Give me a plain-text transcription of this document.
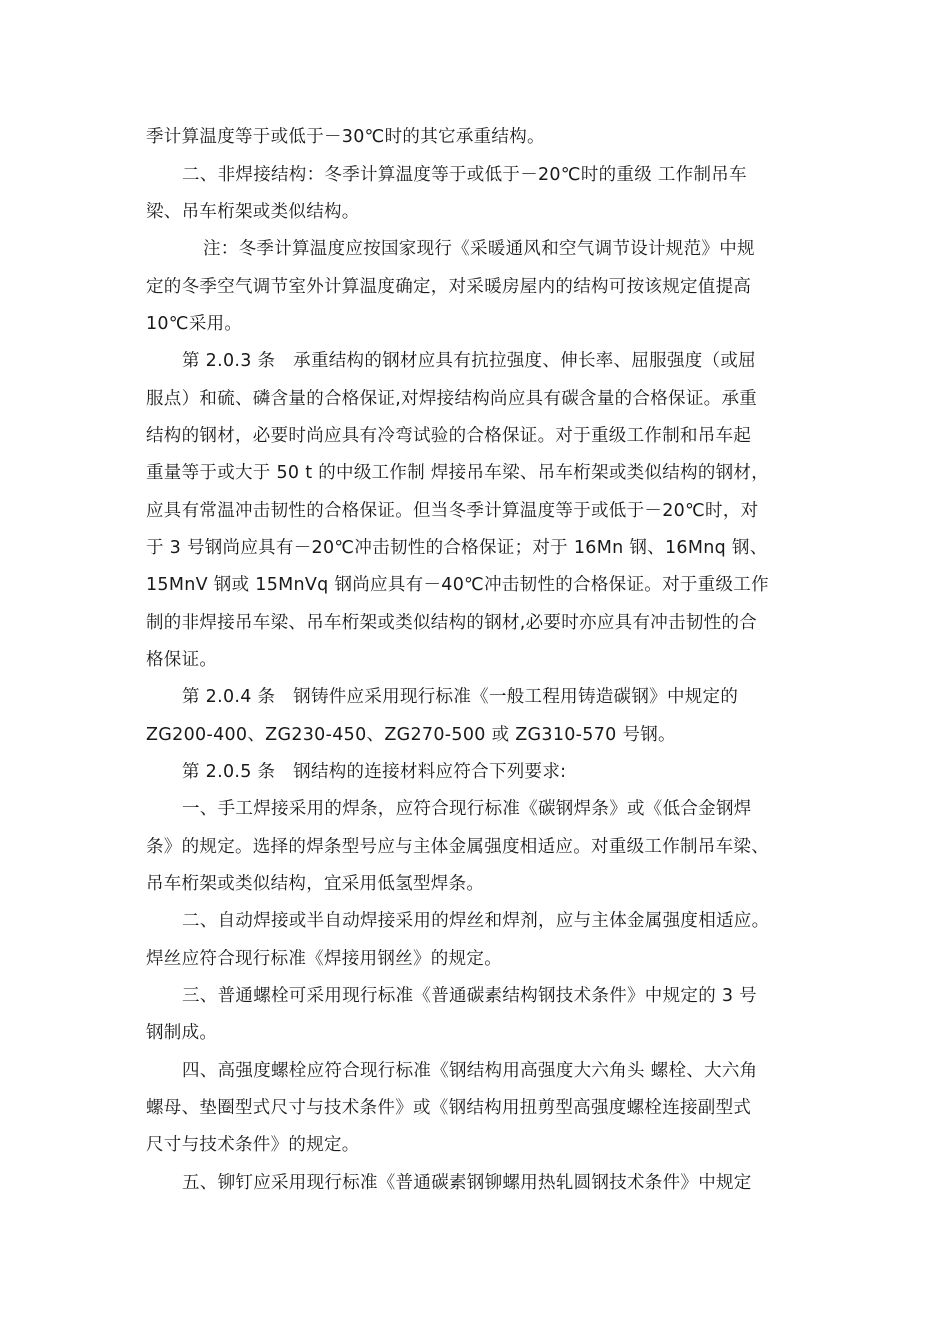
季计算温度等于或低于－30℃时的其它承重结构。
二、非焊接结构：冬季计算温度等于或低于－20℃时的重级 工作制吊车
梁、吊车桁架或类似结构。
注：冬季计算温度应按国家现行《采暖通风和空气调节设计规范》中规
定的冬季空气调节室外计算温度确定，对采暖房屋内的结构可按该规定值提高
10℃采用。
第 2.0.3 条　承重结构的钢材应具有抗拉强度、伸长率、屈服强度（或屈
服点）和硫、磷含量的合格保证,对焊接结构尚应具有碳含量的合格保证。承重
结构的钢材，必要时尚应具有冷弯试验的合格保证。对于重级工作制和吊车起
重量等于或大于 50 t 的中级工作制 焊接吊车梁、吊车桁架或类似结构的钢材，
应具有常温冲击韧性的合格保证。但当冬季计算温度等于或低于－20℃时，对
于 3 号钢尚应具有－20℃冲击韧性的合格保证；对于 16Mn 钢、16Mnq 钢、
15MnV 钢或 15MnVq 钢尚应具有－40℃冲击韧性的合格保证。对于重级工作
制的非焊接吊车梁、吊车桁架或类似结构的钢材,必要时亦应具有冲击韧性的合
格保证。
第 2.0.4 条　钢铸件应采用现行标准《一般工程用铸造碳钢》中规定的
ZG200-400、ZG230-450、ZG270-500 或 ZG310-570 号钢。
第 2.0.5 条　钢结构的连接材料应符合下列要求:
一、手工焊接采用的焊条，应符合现行标准《碳钢焊条》或《低合金钢焊
条》的规定。选择的焊条型号应与主体金属强度相适应。对重级工作制吊车梁、
吊车桁架或类似结构，宜采用低氢型焊条。
二、自动焊接或半自动焊接采用的焊丝和焊剂，应与主体金属强度相适应。
焊丝应符合现行标准《焊接用钢丝》的规定。
三、普通螺栓可采用现行标准《普通碳素结构钢技术条件》中规定的 3 号
钢制成。
四、高强度螺栓应符合现行标准《钢结构用高强度大六角头 螺栓、大六角
螺母、垫圈型式尺寸与技术条件》或《钢结构用扭剪型高强度螺栓连接副型式
尺寸与技术条件》的规定。
五、铆钉应采用现行标准《普通碳素钢铆螺用热轧圆钢技术条件》中规定
